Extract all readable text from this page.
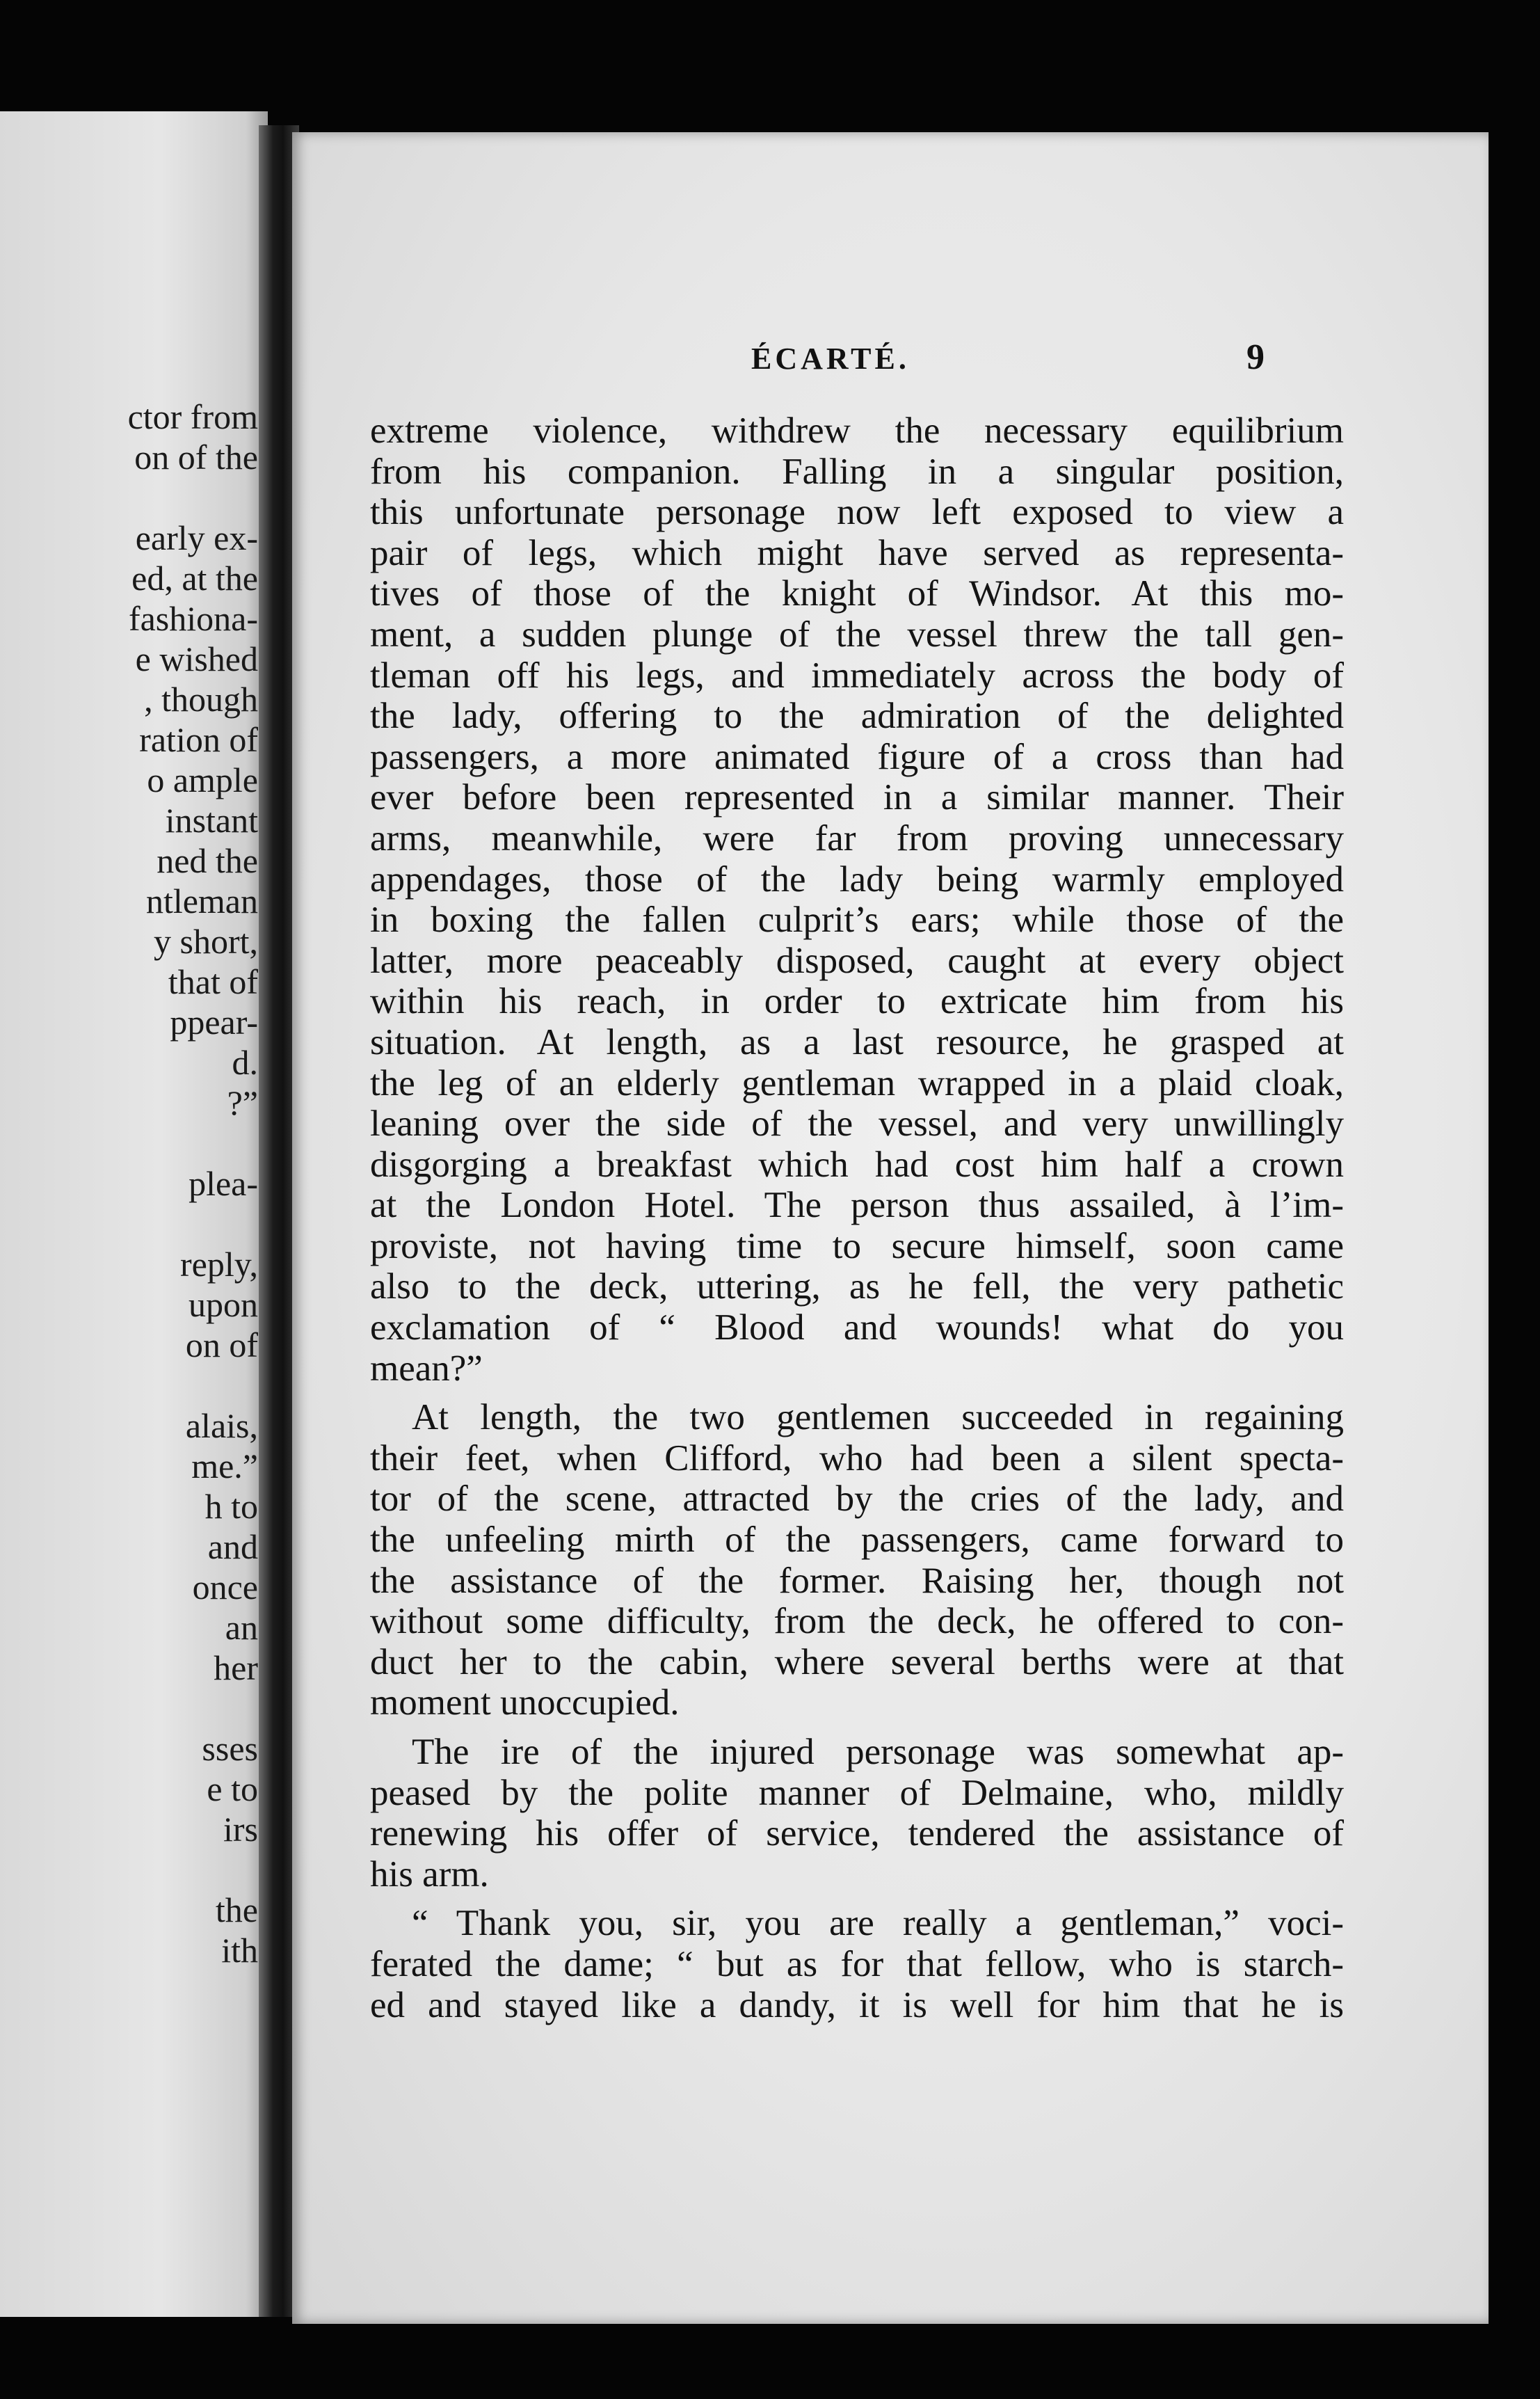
ctor from
on of the
early ex-
ed, at the
fashiona-
e wished
, though
ration of
o ample
instant
ned the
ntleman
y short,
that of
ppear-
d.
?”
plea-
reply,
upon
on of
alais,
me.”
h to
and
once
an
her
sses
e to
irs
the
ith
ÉCARTÉ.	9
extreme violence, withdrew the necessary equilibrium
from his companion. Falling in a singular position,
this unfortunate personage now left exposed to view a
pair of legs, which might have served as representa-
tives of those of the knight of Windsor. At this mo-
ment, a sudden plunge of the vessel threw the tall gen-
tleman off his legs, and immediately across the body of
the lady, offering to the admiration of the delighted
passengers, a more animated figure of a cross than had
ever before been represented in a similar manner. Their
arms, meanwhile, were far from proving unnecessary
appendages, those of the lady being warmly employed
in boxing the fallen culprit’s ears; while those of the
latter, more peaceably disposed, caught at every object
within his reach, in order to extricate him from his
situation. At length, as a last resource, he grasped at
the leg of an elderly gentleman wrapped in a plaid cloak,
leaning over the side of the vessel, and very unwillingly
disgorging a breakfast which had cost him half a crown
at the London Hotel. The person thus assailed, à l’im-
proviste, not having time to secure himself, soon came
also to the deck, uttering, as he fell, the very pathetic
exclamation of “ Blood and wounds! what do you
mean?”
At length, the two gentlemen succeeded in regaining
their feet, when Clifford, who had been a silent specta-
tor of the scene, attracted by the cries of the lady, and
the unfeeling mirth of the passengers, came forward to
the assistance of the former. Raising her, though not
without some difficulty, from the deck, he offered to con-
duct her to the cabin, where several berths were at that
moment unoccupied.
The ire of the injured personage was somewhat ap-
peased by the polite manner of Delmaine, who, mildly
renewing his offer of service, tendered the assistance of
his arm.
“ Thank you, sir, you are really a gentleman,” voci-
ferated the dame; “ but as for that fellow, who is starch-
ed and stayed like a dandy, it is well for him that he is
